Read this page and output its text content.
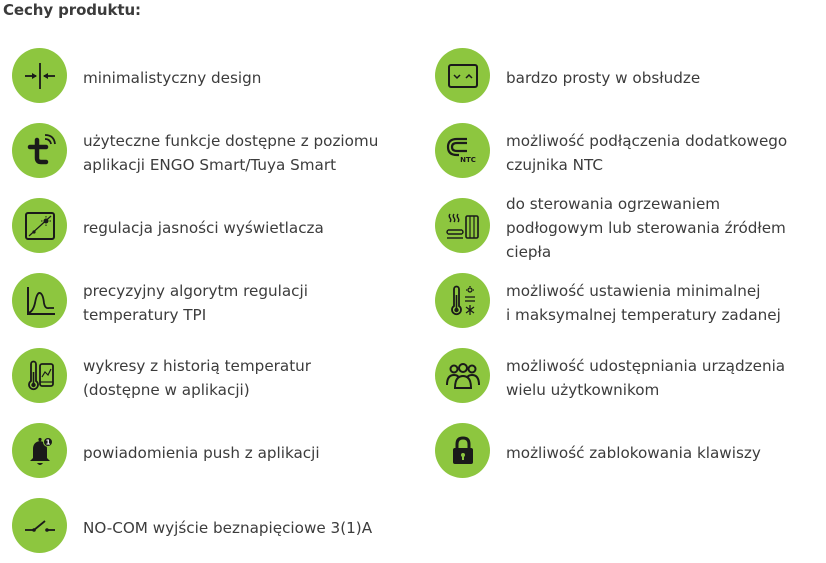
Cechy produktu:
minimalistyczny design
użyteczne funkcje dostępne z poziomu
aplikacji ENGO Smart/Tuya Smart
regulacja jasności wyświetlacza
precyzyjny algorytm regulacji
temperatury TPI
wykresy z historią temperatur
(dostępne w aplikacji)
1
powiadomienia push z aplikacji
NO-COM wyjście beznapięciowe 3(1)A
bardzo prosty w obsłudze
NTC
możliwość podłączenia dodatkowego
czujnika NTC
do sterowania ogrzewaniem
podłogowym lub sterowania źródłem
ciepła
możliwość ustawienia minimalnej
i maksymalnej temperatury zadanej
możliwość udostępniania urządzenia
wielu użytkownikom
możliwość zablokowania klawiszy
